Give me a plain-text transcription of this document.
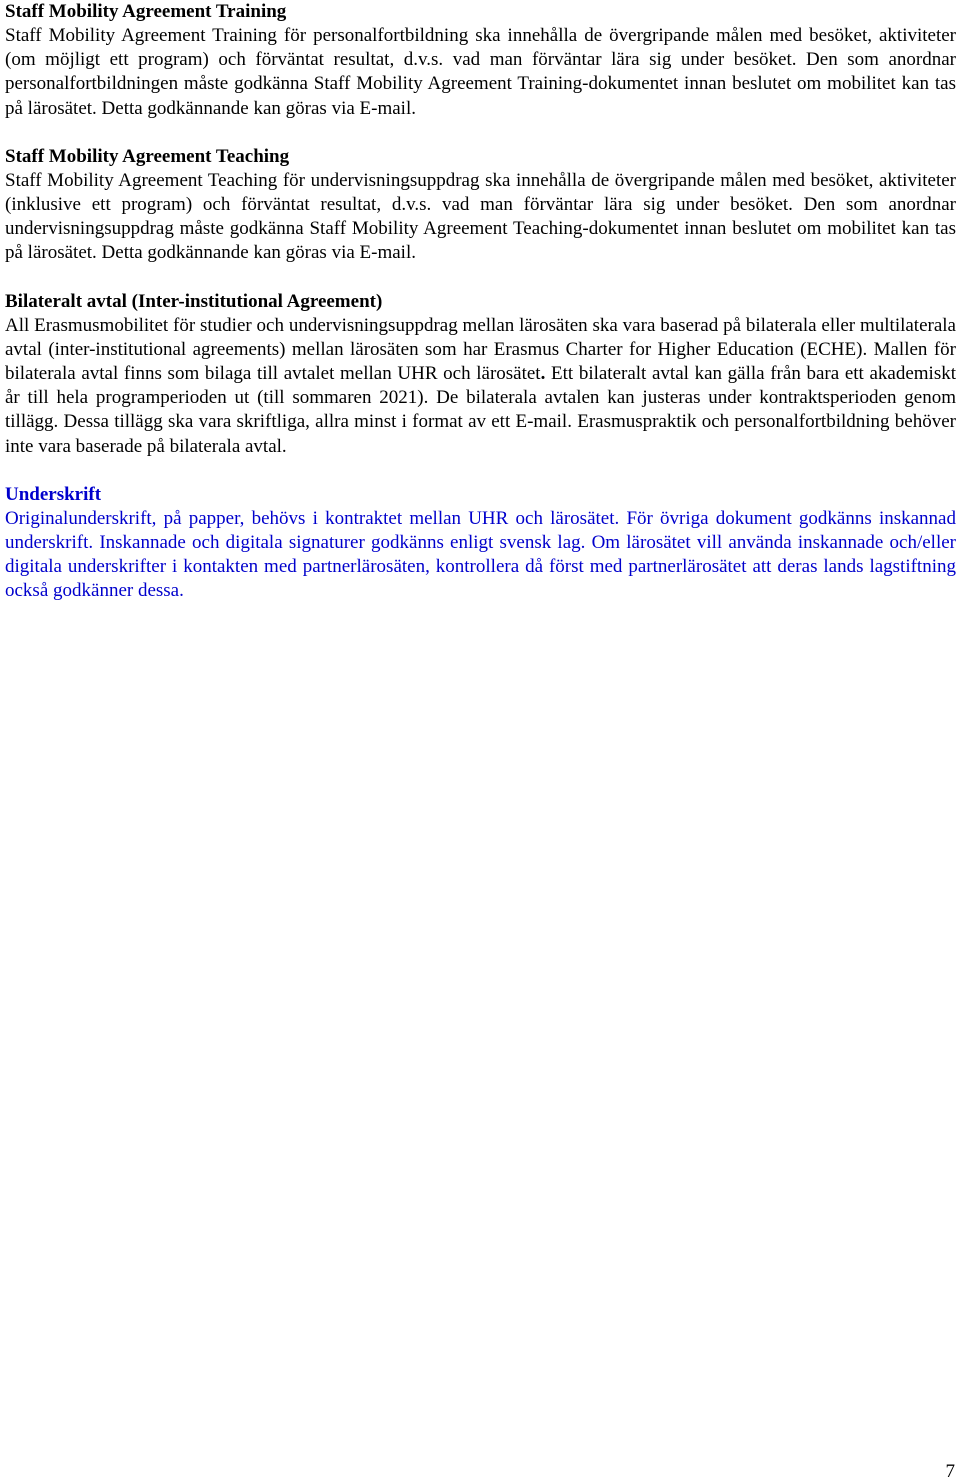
Staff Mobility Agreement Training

Staff Mobility Agreement Training för personalfortbildning ska innehålla de övergripande målen med besöket, aktiviteter (om möjligt ett program) och förväntat resultat, d.v.s. vad man förväntar lära sig under besöket. Den som anordnar personalfortbildningen måste godkänna Staff Mobility Agreement Training-dokumentet innan beslutet om mobilitet kan tas på lärosätet. Detta godkännande kan göras via E-mail.

Staff Mobility Agreement Teaching

Staff Mobility Agreement Teaching för undervisningsuppdrag ska innehålla de övergripande målen med besöket, aktiviteter (inklusive ett program) och förväntat resultat, d.v.s. vad man förväntar lära sig under besöket. Den som anordnar undervisningsuppdrag måste godkänna Staff Mobility Agreement Teaching-dokumentet innan beslutet om mobilitet kan tas på lärosätet. Detta godkännande kan göras via E-mail.

Bilateralt avtal (Inter-institutional Agreement)

All Erasmusmobilitet för studier och undervisningsuppdrag mellan lärosäten ska vara baserad på bilaterala eller multilaterala avtal (inter-institutional agreements) mellan lärosäten som har Erasmus Charter for Higher Education (ECHE). Mallen för bilaterala avtal finns som bilaga till avtalet mellan UHR och lärosätet. Ett bilateralt avtal kan gälla från bara ett akademiskt år till hela programperioden ut (till sommaren 2021). De bilaterala avtalen kan justeras under kontraktsperioden genom tillägg. Dessa tillägg ska vara skriftliga, allra minst i format av ett E-mail. Erasmuspraktik och personalfortbildning behöver inte vara baserade på bilaterala avtal.

Underskrift

Originalunderskrift, på papper, behövs i kontraktet mellan UHR och lärosätet. För övriga dokument godkänns inskannad underskrift. Inskannade och digitala signaturer godkänns enligt svensk lag. Om lärosätet vill använda inskannade och/eller digitala underskrifter i kontakten med partnerlärosäten, kontrollera då först med partnerlärosätet att deras lands lagstiftning också godkänner dessa.

7
